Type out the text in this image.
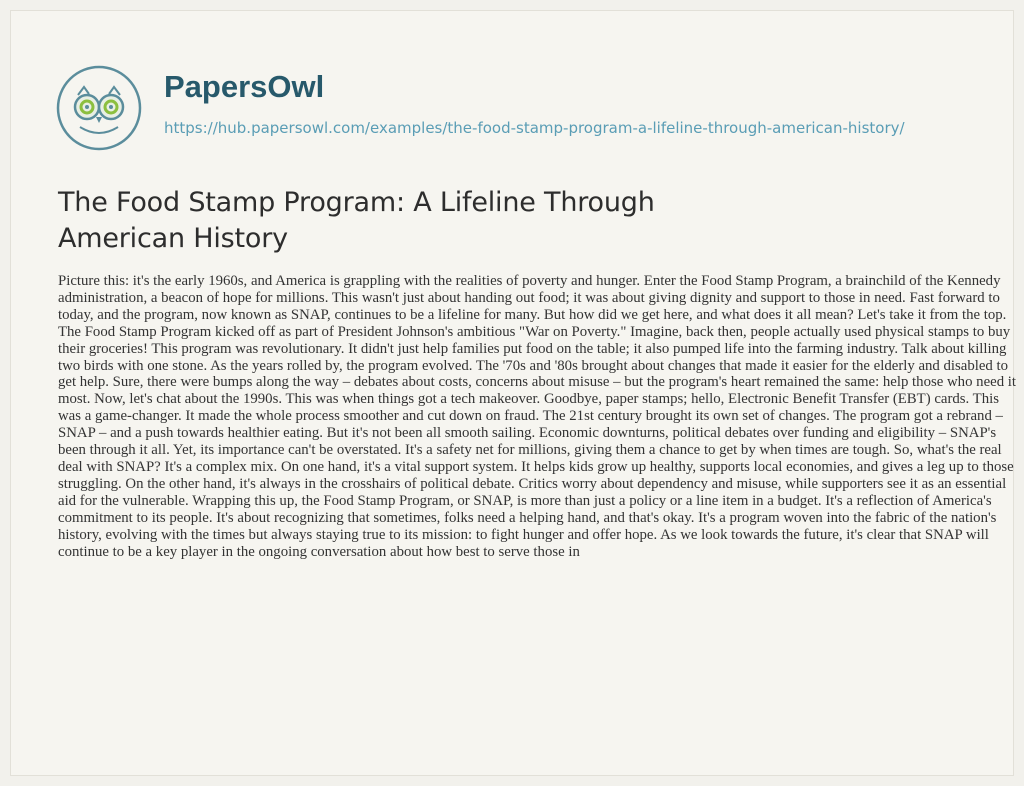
PapersOwl
https://hub.papersowl.com/examples/the-food-stamp-program-a-lifeline-through-american-history/
The Food Stamp Program: A Lifeline Through American History

Picture this: it's the early 1960s, and America is grappling with the realities of poverty and hunger. Enter the Food Stamp Program, a brainchild of the Kennedy administration, a beacon of hope for millions. This wasn't just about handing out food; it was about giving dignity and support to those in need. Fast forward to today, and the program, now known as SNAP, continues to be a lifeline for many. But how did we get here, and what does it all mean? Let's take it from the top. The Food Stamp Program kicked off as part of President Johnson's ambitious "War on Poverty." Imagine, back then, people actually used physical stamps to buy their groceries! This program was revolutionary. It didn't just help families put food on the table; it also pumped life into the farming industry. Talk about killing two birds with one stone. As the years rolled by, the program evolved. The '70s and '80s brought about changes that made it easier for the elderly and disabled to get help. Sure, there were bumps along the way – debates about costs, concerns about misuse – but the program's heart remained the same: help those who need it most. Now, let's chat about the 1990s. This was when things got a tech makeover. Goodbye, paper stamps; hello, Electronic Benefit Transfer (EBT) cards. This was a game-changer. It made the whole process smoother and cut down on fraud. The 21st century brought its own set of changes. The program got a rebrand – SNAP – and a push towards healthier eating. But it's not been all smooth sailing. Economic downturns, political debates over funding and eligibility – SNAP's been through it all. Yet, its importance can't be overstated. It's a safety net for millions, giving them a chance to get by when times are tough. So, what's the real deal with SNAP? It's a complex mix. On one hand, it's a vital support system. It helps kids grow up healthy, supports local economies, and gives a leg up to those struggling. On the other hand, it's always in the crosshairs of political debate. Critics worry about dependency and misuse, while supporters see it as an essential aid for the vulnerable. Wrapping this up, the Food Stamp Program, or SNAP, is more than just a policy or a line item in a budget. It's a reflection of America's commitment to its people. It's about recognizing that sometimes, folks need a helping hand, and that's okay. It's a program woven into the fabric of the nation's history, evolving with the times but always staying true to its mission: to fight hunger and offer hope. As we look towards the future, it's clear that SNAP will continue to be a key player in the ongoing conversation about how best to serve those in
